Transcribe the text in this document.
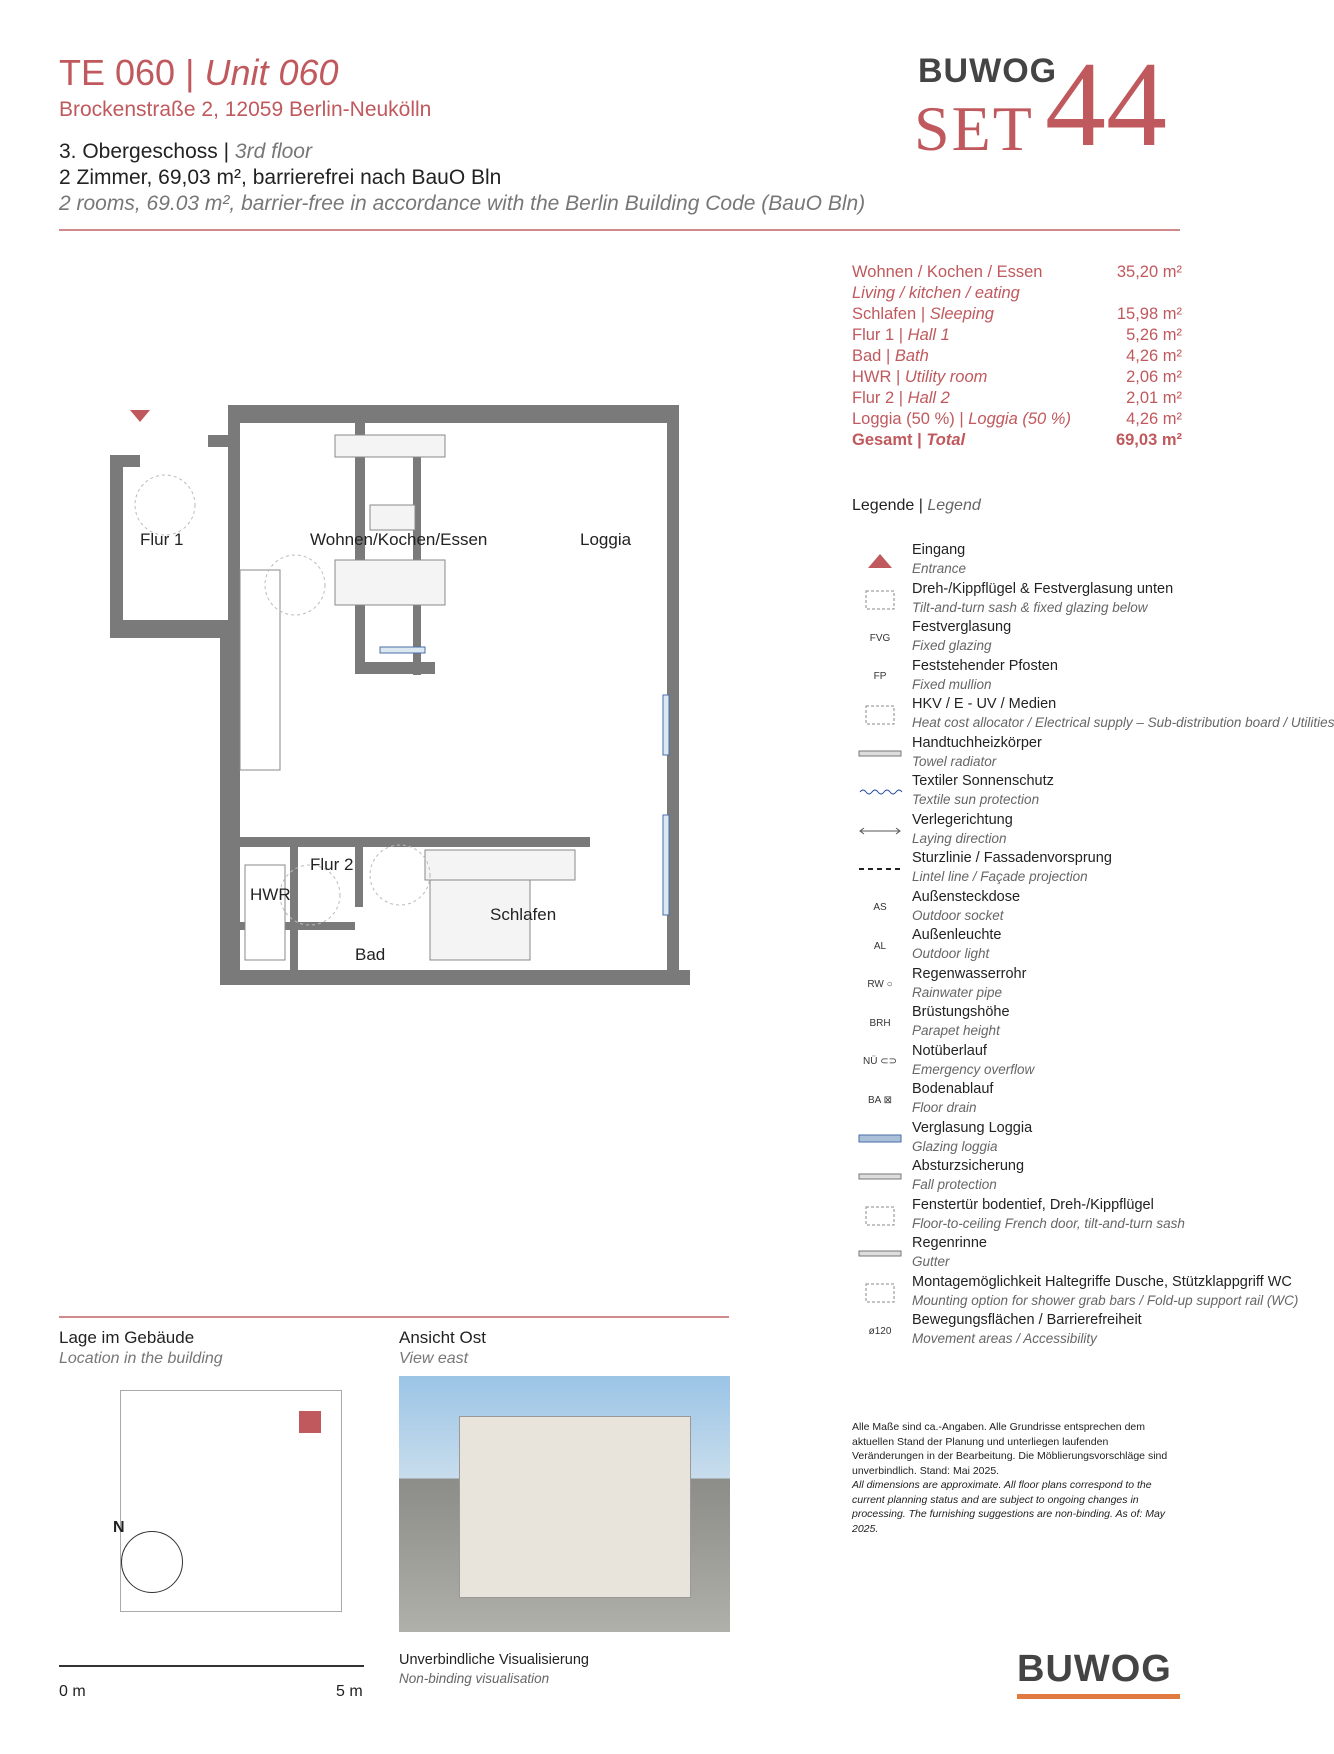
TE 060 | Unit 060
Brockenstraße 2, 12059 Berlin-Neukölln
3. Obergeschoss | 3rd floor
2 Zimmer, 69,03 m², barrierefrei nach BauO Bln
2 rooms, 69.03 m², barrier-free in accordance with the Berlin Building Code (BauO Bln)
BUWOG
SET 44
Wohnen / Kochen / Essen
Living / kitchen / eating
35,20 m²
Schlafen | Sleeping	15,98 m²
Flur 1 | Hall 1	5,26 m²
Bad | Bath	4,26 m²
HWR | Utility room	2,06 m²
Flur 2 | Hall 2	2,01 m²
Loggia (50 %) | Loggia (50 %)	4,26 m²
Gesamt | Total	69,03 m²
Legende | Legend
Eingang
Entrance
Dreh-/Kippflügel & Festverglasung unten
Tilt-and-turn sash & fixed glazing below
FVG
Festverglasung
Fixed glazing
FP
Feststehender Pfosten
Fixed mullion
HKV / E - UV / Medien
Heat cost allocator / Electrical supply – Sub-distribution board / Utilities
Handtuchheizkörper
Towel radiator
Textiler Sonnenschutz
Textile sun protection
Verlegerichtung
Laying direction
Sturzlinie / Fassadenvorsprung
Lintel line / Façade projection
AS
Außensteckdose
Outdoor socket
AL
Außenleuchte
Outdoor light
RW ○
Regenwasserrohr
Rainwater pipe
BRH
Brüstungshöhe
Parapet height
NÜ ⊂⊃
Notüberlauf
Emergency overflow
BA ⊠
Bodenablauf
Floor drain
Verglasung Loggia
Glazing loggia
Absturzsicherung
Fall protection
Fenstertür bodentief, Dreh-/Kippflügel
Floor-to-ceiling French door, tilt-and-turn sash
Regenrinne
Gutter
Montagemöglichkeit Haltegriffe Dusche, Stützklappgriff WC
Mounting option for shower grab bars / Fold-up support rail (WC)
ø120
Bewegungsflächen / Barrierefreiheit
Movement areas / Accessibility
Alle Maße sind ca.-Angaben. Alle Grundrisse entsprechen dem aktuellen Stand der Planung und unterliegen laufenden Veränderungen in der Bearbeitung. Die Möblierungsvorschläge sind unverbindlich. Stand: Mai 2025.
All dimensions are approximate. All floor plans correspond to the current planning status and are subject to ongoing changes in processing. The furnishing suggestions are non-binding. As of: May 2025.
Flur 1	Wohnen/Kochen/Essen	Loggia
Flur 2
HWR
Bad
Schlafen
Lage im Gebäude
Location in the building
Ansicht Ost
View east
N
Unverbindliche Visualisierung
Non-binding visualisation
0 m	5 m
BUWOG
